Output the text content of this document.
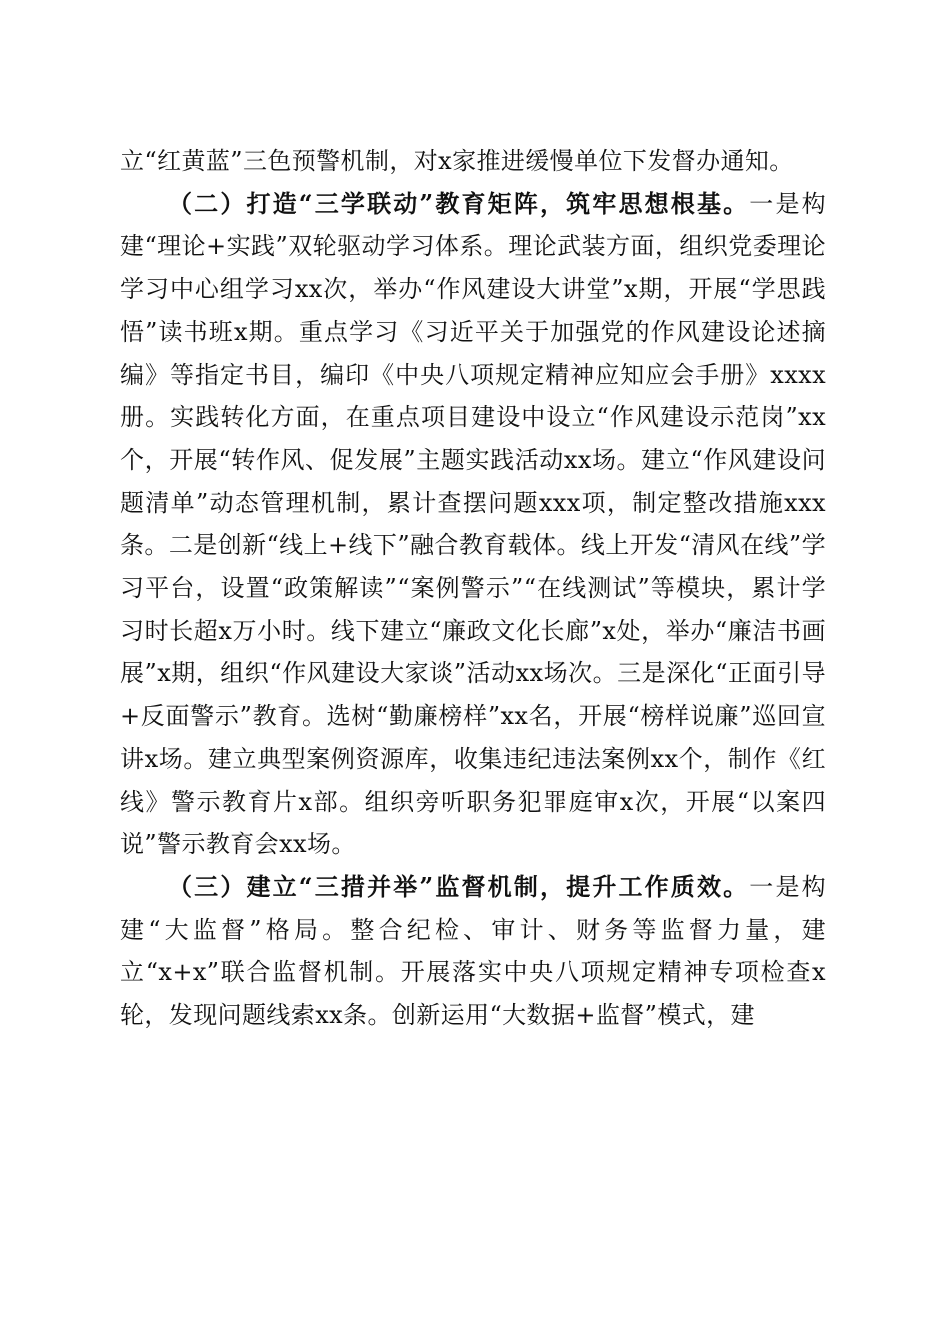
立“红黄蓝”三色预警机制，对x家推进缓慢单位下发督办通知。

（二）打造“三学联动”教育矩阵，筑牢思想根基。一是构建“理论+实践”双轮驱动学习体系。理论武装方面，组织党委理论学习中心组学习xx次，举办“作风建设大讲堂”x期，开展“学思践悟”读书班x期。重点学习《习近平关于加强党的作风建设论述摘编》等指定书目，编印《中央八项规定精神应知应会手册》xxxx册。实践转化方面，在重点项目建设中设立“作风建设示范岗”xx个，开展“转作风、促发展”主题实践活动xx场。建立“作风建设问题清单”动态管理机制，累计查摆问题xxx项，制定整改措施xxx条。二是创新“线上+线下”融合教育载体。线上开发“清风在线”学习平台，设置“政策解读”“案例警示”“在线测试”等模块，累计学习时长超x万小时。线下建立“廉政文化长廊”x处，举办“廉洁书画展”x期，组织“作风建设大家谈”活动xx场次。三是深化“正面引导+反面警示”教育。选树“勤廉榜样”xx名，开展“榜样说廉”巡回宣讲x场。建立典型案例资源库，收集违纪违法案例xx个，制作《红线》警示教育片x部。组织旁听职务犯罪庭审x次，开展“以案四说”警示教育会xx场。

（三）建立“三措并举”监督机制，提升工作质效。一是构建“大监督”格局。整合纪检、审计、财务等监督力量，建立“x+x”联合监督机制。开展落实中央八项规定精神专项检查x轮，发现问题线索xx条。创新运用“大数据+监督”模式，建
